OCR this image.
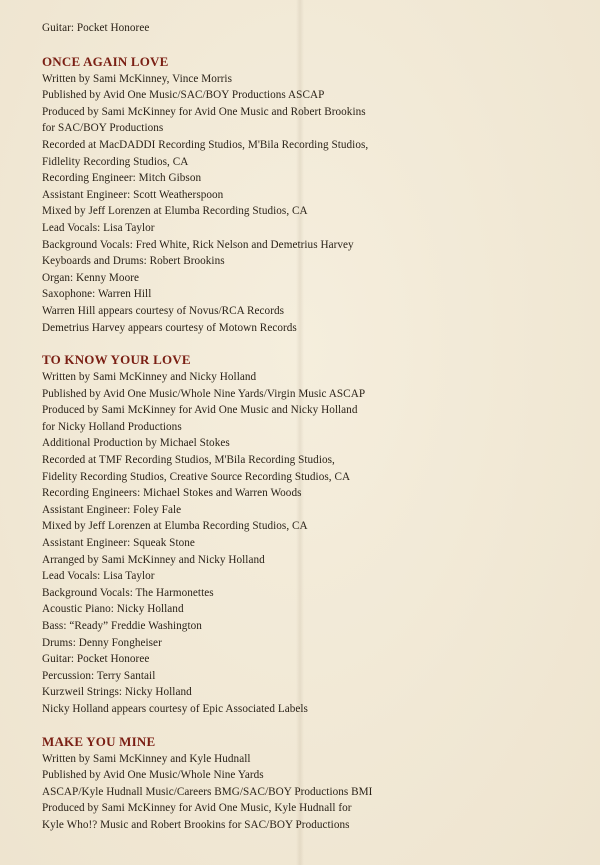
Guitar: Pocket Honoree
ONCE AGAIN LOVE
Written by Sami McKinney, Vince Morris
Published by Avid One Music/SAC/BOY Productions ASCAP
Produced by Sami McKinney for Avid One Music and Robert Brookins
for SAC/BOY Productions
Recorded at MacDADDI Recording Studios, M'Bila Recording Studios,
Fidlelity Recording Studios, CA
Recording Engineer: Mitch Gibson
Assistant Engineer: Scott Weatherspoon
Mixed by Jeff Lorenzen at Elumba Recording Studios, CA
Lead Vocals: Lisa Taylor
Background Vocals: Fred White, Rick Nelson and Demetrius Harvey
Keyboards and Drums: Robert Brookins
Organ: Kenny Moore
Saxophone: Warren Hill
Warren Hill appears courtesy of Novus/RCA Records
Demetrius Harvey appears courtesy of Motown Records
TO KNOW YOUR LOVE
Written by Sami McKinney and Nicky Holland
Published by Avid One Music/Whole Nine Yards/Virgin Music ASCAP
Produced by Sami McKinney for Avid One Music and Nicky Holland
for Nicky Holland Productions
Additional Production by Michael Stokes
Recorded at TMF Recording Studios, M'Bila Recording Studios,
Fidelity Recording Studios, Creative Source Recording Studios, CA
Recording Engineers: Michael Stokes and Warren Woods
Assistant Engineer: Foley Fale
Mixed by Jeff Lorenzen at Elumba Recording Studios, CA
Assistant Engineer: Squeak Stone
Arranged by Sami McKinney and Nicky Holland
Lead Vocals: Lisa Taylor
Background Vocals: The Harmonettes
Acoustic Piano: Nicky Holland
Bass: “Ready” Freddie Washington
Drums: Denny Fongheiser
Guitar: Pocket Honoree
Percussion: Terry Santail
Kurzweil Strings: Nicky Holland
Nicky Holland appears courtesy of Epic Associated Labels
MAKE YOU MINE
Written by Sami McKinney and Kyle Hudnall
Published by Avid One Music/Whole Nine Yards
ASCAP/Kyle Hudnall Music/Careers BMG/SAC/BOY Productions BMI
Produced by Sami McKinney for Avid One Music, Kyle Hudnall for
Kyle Who!? Music and Robert Brookins for SAC/BOY Productions
